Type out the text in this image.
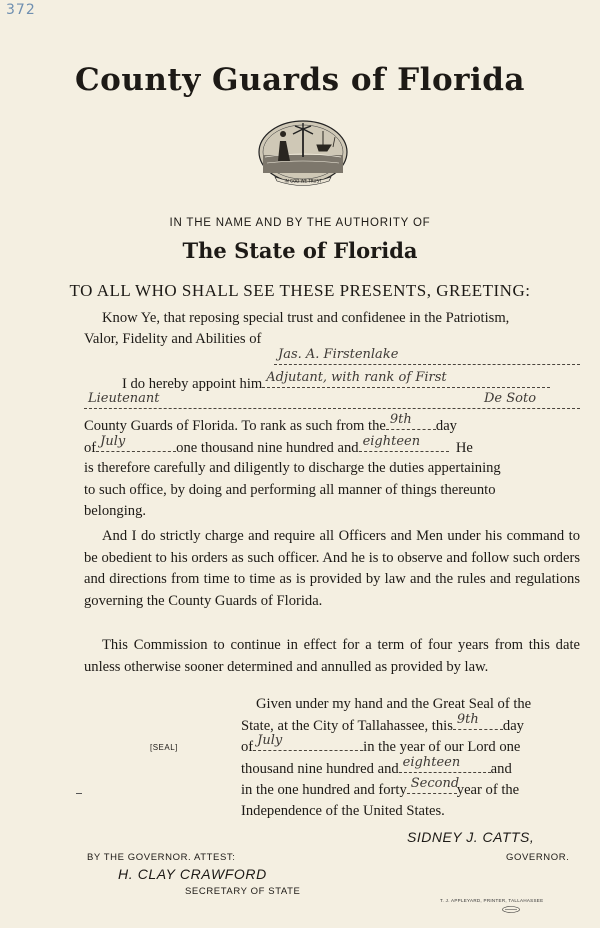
372
County Guards of Florida
IN GOD WE TRUST
IN THE NAME AND BY THE AUTHORITY OF
The State of Florida
TO ALL WHO SHALL SEE THESE PRESENTS, GREETING:
Know Ye, that reposing special trust and confidenee in the Patriotism,
Valor, Fidelity and Abilities of
Jas. A. Firstenlake
I do hereby appoint him Adjutant, with rank of First
Lieutenant	De Soto
County Guards of Florida. To rank as such from the 9th day
of July	one thousand nine hundred and eighteen He
is therefore carefully and diligently to discharge the duties appertaining
to such office, by doing and performing all manner of things thereunto
belonging.
And I do strictly charge and require all Officers and Men under his command to be obedient to his orders as such officer. And he is to observe and follow such orders and directions from time to time as is provided by law and the rules and regulations governing the County Guards of Florida.
This Commission to continue in effect for a term of four years from this date unless otherwise sooner determined and annulled as provided by law.
Given under my hand and the Great Seal of the
State, at the City of Tallahassee, this 9th day
of July	in the year of our Lord one
thousand nine hundred and eighteen and
in the one hundred and forty Second
year of the
Independence of the United States.
[SEAL]
SIDNEY J. CATTS,
GOVERNOR.
BY THE GOVERNOR. ATTEST:
H. CLAY CRAWFORD
SECRETARY OF STATE
T. J. APPLEYARD, PRINTER, TALLAHASSEE
